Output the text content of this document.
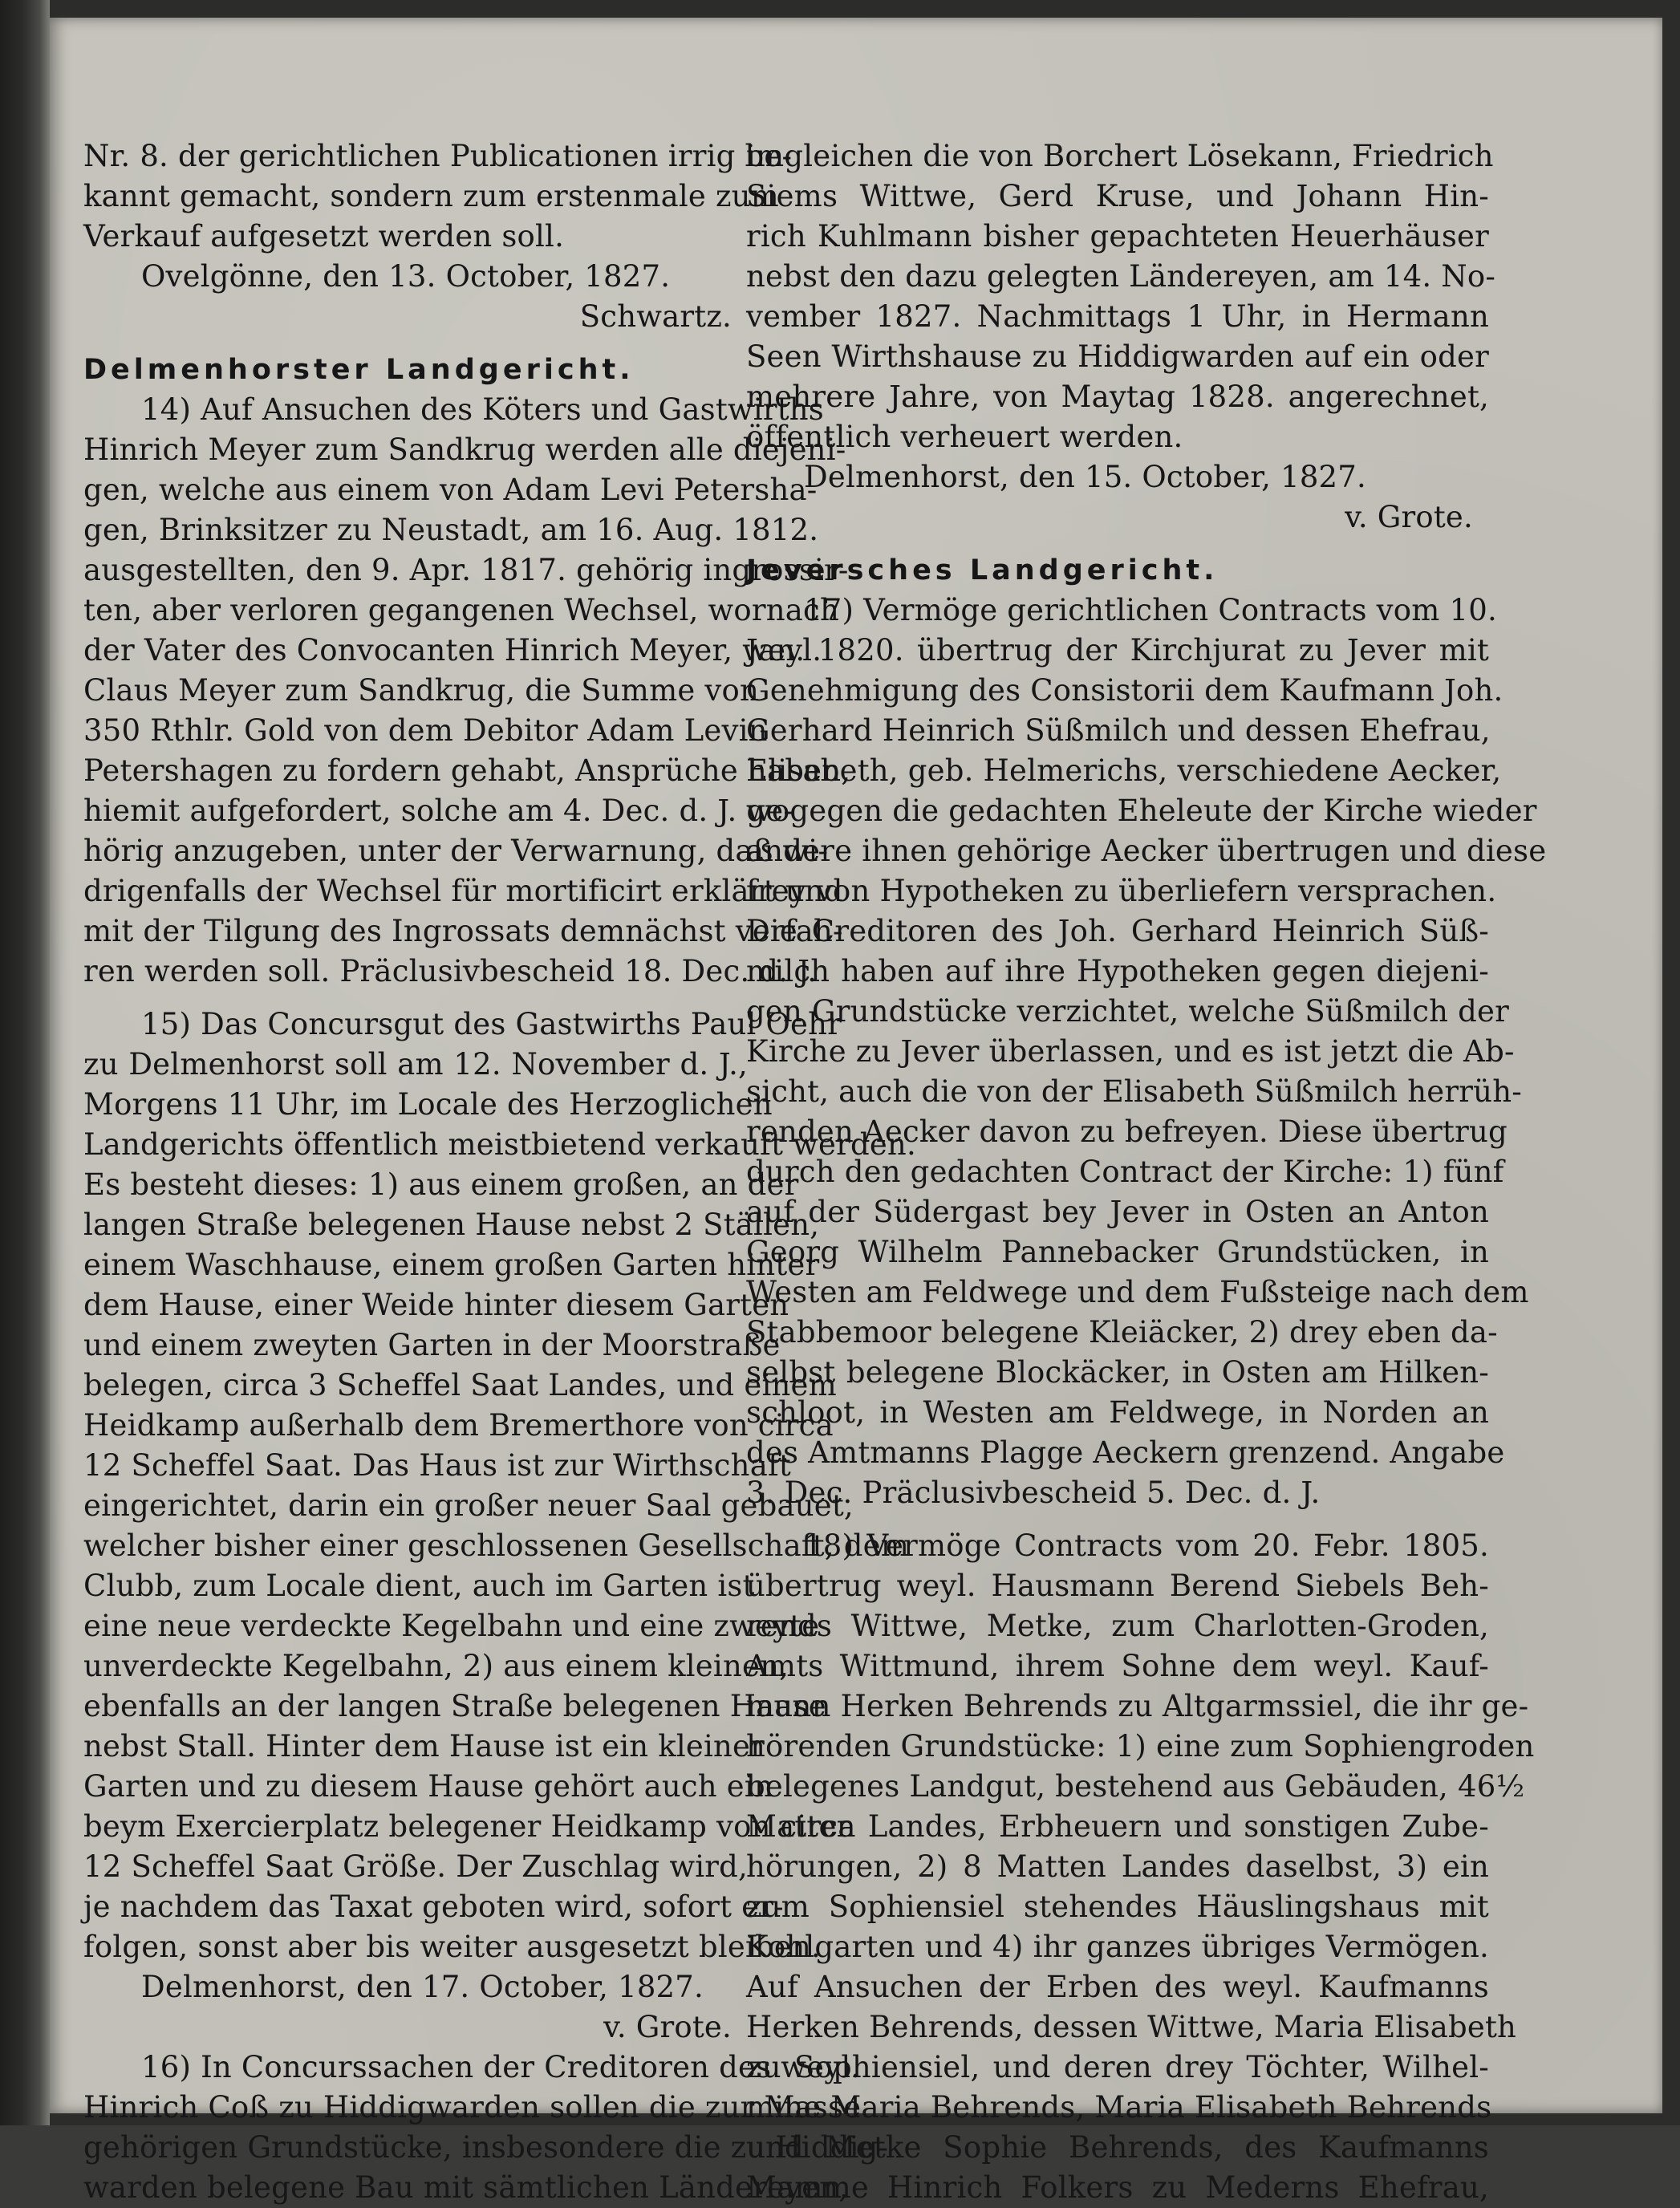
Nr. 8. der gerichtlichen Publicationen irrig be-
kannt gemacht, sondern zum erstenmale zum
Verkauf aufgesetzt werden soll.
Ovelgönne, den 13. October, 1827.
Schwartz.
Delmenhorster Landgericht.
14) Auf Ansuchen des Köters und Gastwirths
Hinrich Meyer zum Sandkrug werden alle diejeni-
gen, welche aus einem von Adam Levi Petersha-
gen, Brinksitzer zu Neustadt, am 16. Aug. 1812.
ausgestellten, den 9. Apr. 1817. gehörig ingrossir-
ten, aber verloren gegangenen Wechsel, wornach
der Vater des Convocanten Hinrich Meyer, weyl.
Claus Meyer zum Sandkrug, die Summe von
350 Rthlr. Gold von dem Debitor Adam Levin
Petershagen zu fordern gehabt, Ansprüche haben,
hiemit aufgefordert, solche am 4. Dec. d. J. ge-
hörig anzugeben, unter der Verwarnung, daß wi-
drigenfalls der Wechsel für mortificirt erklärt und
mit der Tilgung des Ingrossats demnächst verfah-
ren werden soll. Präclusivbescheid 18. Dec. d. J.
15) Das Concursgut des Gastwirths Paul Oehr
zu Delmenhorst soll am 12. November d. J.,
Morgens 11 Uhr, im Locale des Herzoglichen
Landgerichts öffentlich meistbietend verkauft werden.
Es besteht dieses: 1) aus einem großen, an der
langen Straße belegenen Hause nebst 2 Ställen,
einem Waschhause, einem großen Garten hinter
dem Hause, einer Weide hinter diesem Garten
und einem zweyten Garten in der Moorstraße
belegen, circa 3 Scheffel Saat Landes, und einem
Heidkamp außerhalb dem Bremerthore von circa
12 Scheffel Saat. Das Haus ist zur Wirthschaft
eingerichtet, darin ein großer neuer Saal gebauet,
welcher bisher einer geschlossenen Gesellschaft, dem
Clubb, zum Locale dient, auch im Garten ist
eine neue verdeckte Kegelbahn und eine zweyte
unverdeckte Kegelbahn, 2) aus einem kleinen,
ebenfalls an der langen Straße belegenen Hause
nebst Stall. Hinter dem Hause ist ein kleiner
Garten und zu diesem Hause gehört auch ein
beym Exercierplatz belegener Heidkamp von circa
12 Scheffel Saat Größe. Der Zuschlag wird,
je nachdem das Taxat geboten wird, sofort er-
folgen, sonst aber bis weiter ausgesetzt bleiben.
Delmenhorst, den 17. October, 1827.
v. Grote.
16) In Concurssachen der Creditoren des weyl.
Hinrich Coß zu Hiddigwarden sollen die zur Masse
gehörigen Grundstücke, insbesondere die zu Hiddig-
warden belegene Bau mit sämtlichen Ländereyen,
imgleichen die von Borchert Lösekann, Friedrich
Siems Wittwe, Gerd Kruse, und Johann Hin-
rich Kuhlmann bisher gepachteten Heuerhäuser
nebst den dazu gelegten Ländereyen, am 14. No-
vember 1827. Nachmittags 1 Uhr, in Hermann
Seen Wirthshause zu Hiddigwarden auf ein oder
mehrere Jahre, von Maytag 1828. angerechnet,
öffentlich verheuert werden.
Delmenhorst, den 15. October, 1827.
v. Grote.
Jeversches Landgericht.
17) Vermöge gerichtlichen Contracts vom 10.
Jan. 1820. übertrug der Kirchjurat zu Jever mit
Genehmigung des Consistorii dem Kaufmann Joh.
Gerhard Heinrich Süßmilch und dessen Ehefrau,
Elisabeth, geb. Helmerichs, verschiedene Aecker,
wogegen die gedachten Eheleute der Kirche wieder
andere ihnen gehörige Aecker übertrugen und diese
frey von Hypotheken zu überliefern versprachen.
Die Creditoren des Joh. Gerhard Heinrich Süß-
milch haben auf ihre Hypotheken gegen diejeni-
gen Grundstücke verzichtet, welche Süßmilch der
Kirche zu Jever überlassen, und es ist jetzt die Ab-
sicht, auch die von der Elisabeth Süßmilch herrüh-
renden Aecker davon zu befreyen. Diese übertrug
durch den gedachten Contract der Kirche: 1) fünf
auf der Südergast bey Jever in Osten an Anton
Georg Wilhelm Pannebacker Grundstücken, in
Westen am Feldwege und dem Fußsteige nach dem
Stabbemoor belegene Kleiäcker, 2) drey eben da-
selbst belegene Blockäcker, in Osten am Hilken-
schloot, in Westen am Feldwege, in Norden an
des Amtmanns Plagge Aeckern grenzend. Angabe
3. Dec. Präclusivbescheid 5. Dec. d. J.
18) Vermöge Contracts vom 20. Febr. 1805.
übertrug weyl. Hausmann Berend Siebels Beh-
rends Wittwe, Metke, zum Charlotten-Groden,
Amts Wittmund, ihrem Sohne dem weyl. Kauf-
mann Herken Behrends zu Altgarmssiel, die ihr ge-
hörenden Grundstücke: 1) eine zum Sophiengroden
belegenes Landgut, bestehend aus Gebäuden, 46½
Matten Landes, Erbheuern und sonstigen Zube-
hörungen, 2) 8 Matten Landes daselbst, 3) ein
zum Sophiensiel stehendes Häuslingshaus mit
Kohlgarten und 4) ihr ganzes übriges Vermögen.
Auf Ansuchen der Erben des weyl. Kaufmanns
Herken Behrends, dessen Wittwe, Maria Elisabeth
zu Sophiensiel, und deren drey Töchter, Wilhel-
mine Maria Behrends, Maria Elisabeth Behrends
und Metke Sophie Behrends, des Kaufmanns
Mamme Hinrich Folkers zu Mederns Ehefrau,
